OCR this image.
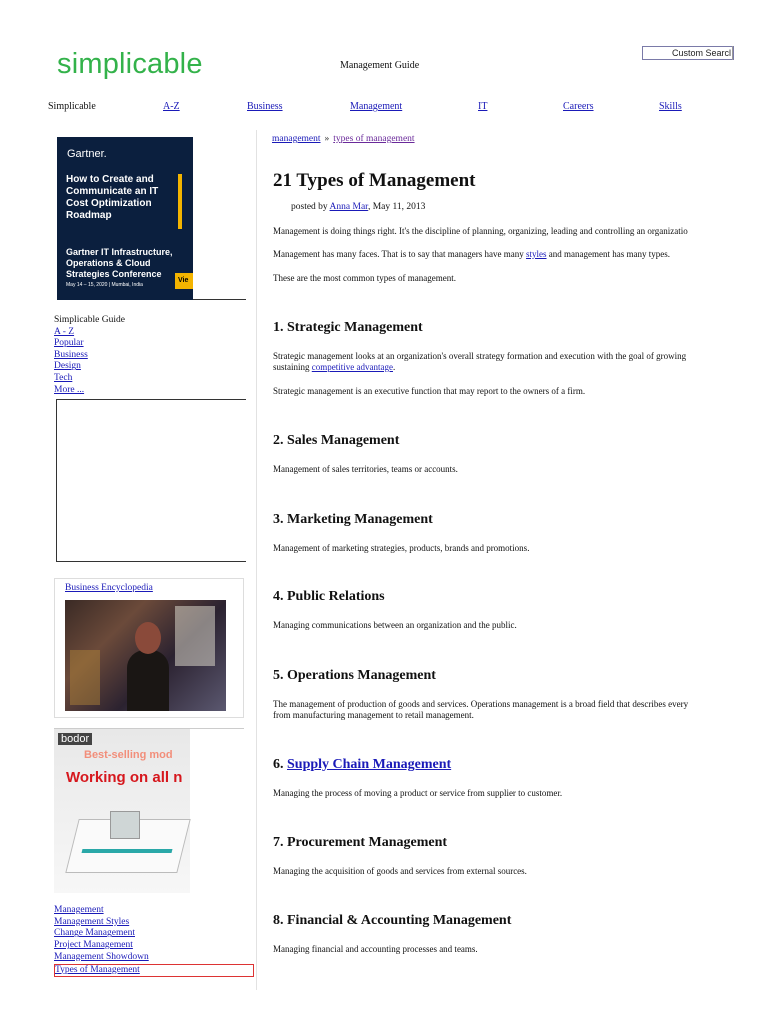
simplicable	Management Guide
Custom Searcl
Simplicable	A-Z	Business	Management	IT	Careers	Skills
Gartner.
How to Create and
Communicate an IT
Cost Optimization
Roadmap
Gartner IT Infrastructure,
Operations & Cloud
Strategies Conference
May 14 – 15, 2020 | Mumbai, India
Vie
Simplicable Guide
A - Z
Popular
Business
Design
Tech
More ...
Business Encyclopedia
bodor
Best-selling mod
Working on all n
Management
Management Styles
Change Management
Project Management
Management Showdown
Types of Management
management » types of management
21 Types of Management
posted by Anna Mar, May 11, 2013
Management is doing things right. It's the discipline of planning, organizing, leading and controlling an organizatio
Management has many faces. That is to say that managers have many styles and management has many types.
These are the most common types of management.
1. Strategic Management
Strategic management looks at an organization's overall strategy formation and execution with the goal of growing
sustaining competitive advantage.
Strategic management is an executive function that may report to the owners of a firm.
2. Sales Management
Management of sales territories, teams or accounts.
3. Marketing Management
Management of marketing strategies, products, brands and promotions.
4. Public Relations
Managing communications between an organization and the public.
5. Operations Management
The management of production of goods and services. Operations management is a broad field that describes every
from manufacturing management to retail management.
6. Supply Chain Management
Managing the process of moving a product or service from supplier to customer.
7. Procurement Management
Managing the acquisition of goods and services from external sources.
8. Financial & Accounting Management
Managing financial and accounting processes and teams.
